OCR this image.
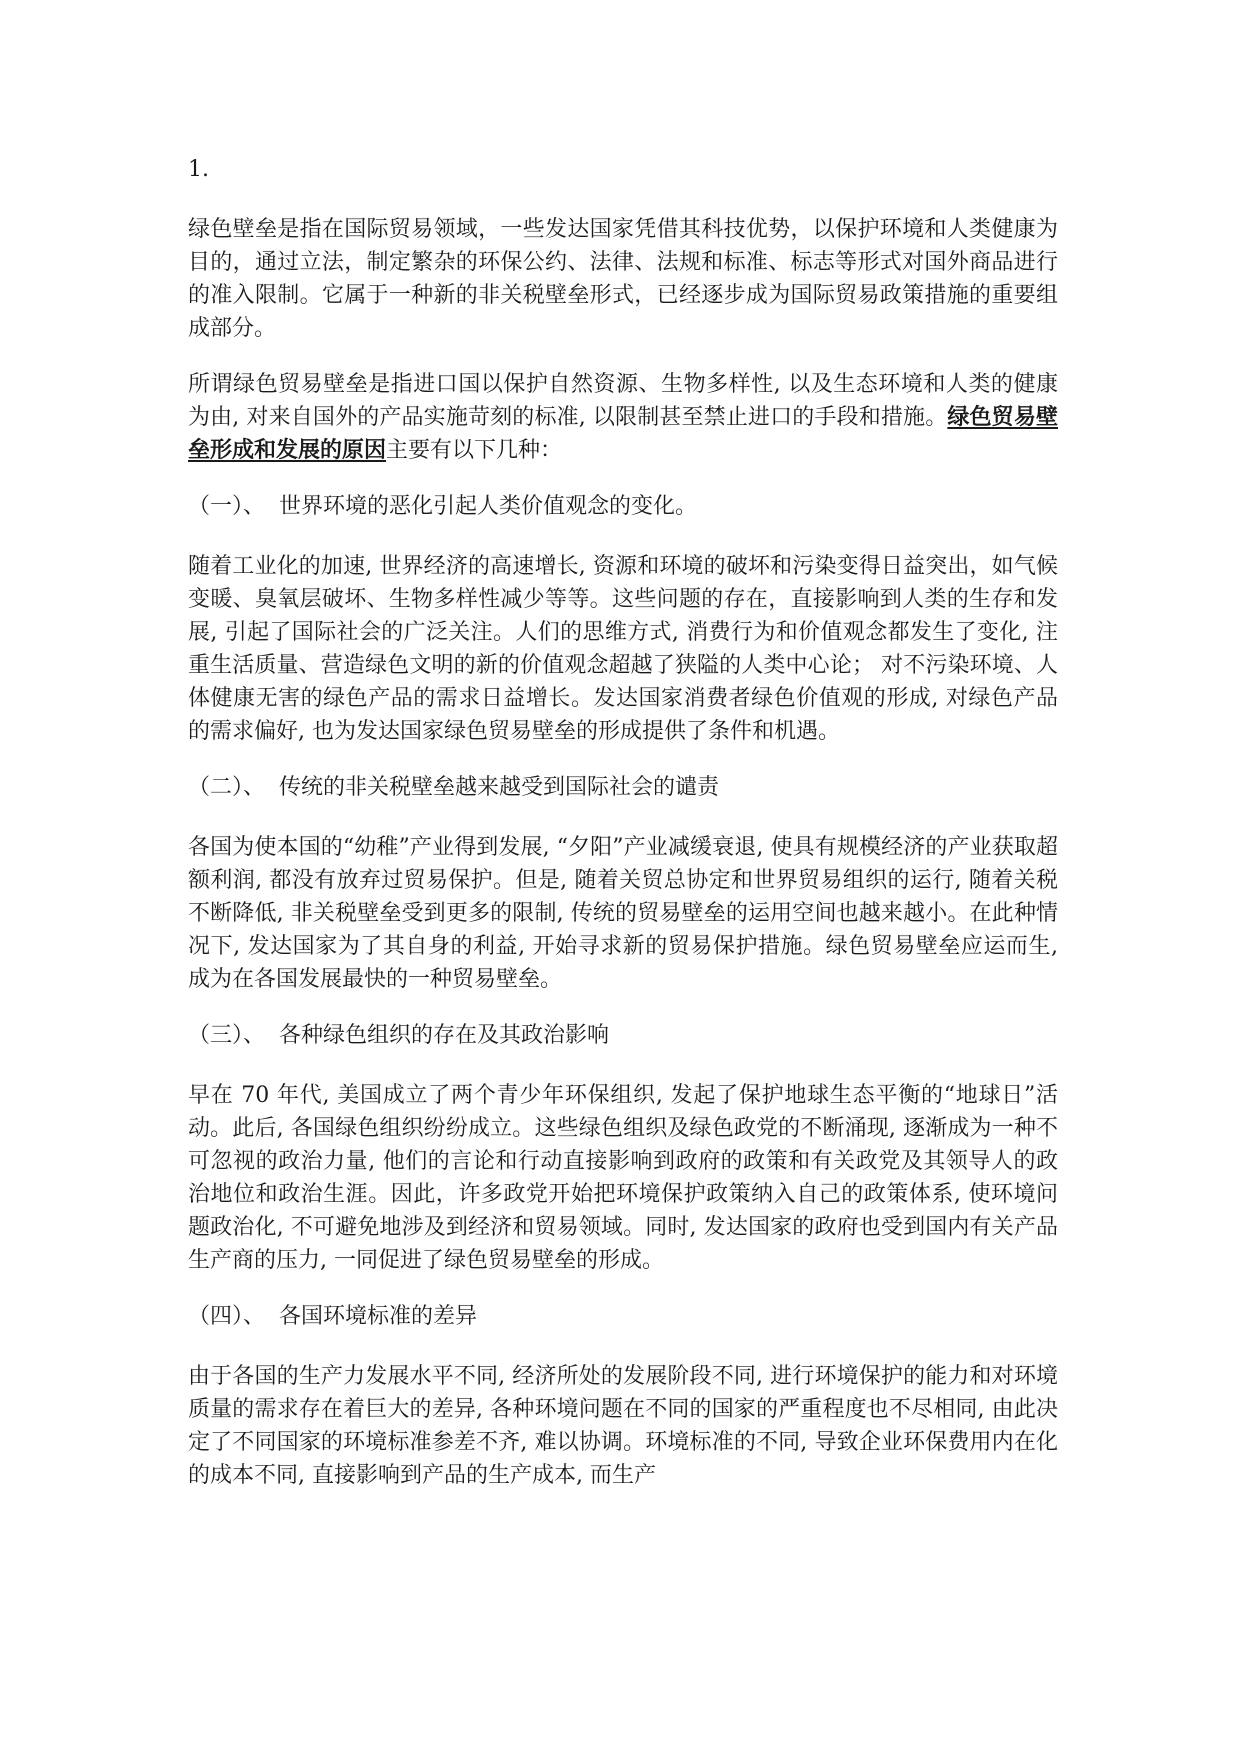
1.

绿色壁垒是指在国际贸易领域，一些发达国家凭借其科技优势，以保护环境和人类健康为目的，通过立法，制定繁杂的环保公约、法律、法规和标准、标志等形式对国外商品进行的准入限制。它属于一种新的非关税壁垒形式，已经逐步成为国际贸易政策措施的重要组成部分。

所谓绿色贸易壁垒是指进口国以保护自然资源、生物多样性, 以及生态环境和人类的健康为由, 对来自国外的产品实施苛刻的标准, 以限制甚至禁止进口的手段和措施。绿色贸易壁垒形成和发展的原因主要有以下几种：

（一）、  世界环境的恶化引起人类价值观念的变化。

随着工业化的加速, 世界经济的高速增长, 资源和环境的破坏和污染变得日益突出，如气候变暖、臭氧层破坏、生物多样性减少等等。这些问题的存在，直接影响到人类的生存和发展, 引起了国际社会的广泛关注。人们的思维方式, 消费行为和价值观念都发生了变化, 注重生活质量、营造绿色文明的新的价值观念超越了狭隘的人类中心论； 对不污染环境、人体健康无害的绿色产品的需求日益增长。发达国家消费者绿色价值观的形成, 对绿色产品的需求偏好, 也为发达国家绿色贸易壁垒的形成提供了条件和机遇。

（二）、  传统的非关税壁垒越来越受到国际社会的谴责

各国为使本国的“幼稚”产业得到发展, “夕阳”产业减缓衰退, 使具有规模经济的产业获取超额利润, 都没有放弃过贸易保护。但是, 随着关贸总协定和世界贸易组织的运行, 随着关税不断降低, 非关税壁垒受到更多的限制, 传统的贸易壁垒的运用空间也越来越小。在此种情况下, 发达国家为了其自身的利益, 开始寻求新的贸易保护措施。绿色贸易壁垒应运而生, 成为在各国发展最快的一种贸易壁垒。

（三）、  各种绿色组织的存在及其政治影响

早在 70 年代, 美国成立了两个青少年环保组织, 发起了保护地球生态平衡的“地球日”活动。此后, 各国绿色组织纷纷成立。这些绿色组织及绿色政党的不断涌现, 逐渐成为一种不可忽视的政治力量, 他们的言论和行动直接影响到政府的政策和有关政党及其领导人的政治地位和政治生涯。因此，许多政党开始把环境保护政策纳入自己的政策体系, 使环境问题政治化, 不可避免地涉及到经济和贸易领域。同时, 发达国家的政府也受到国内有关产品生产商的压力, 一同促进了绿色贸易壁垒的形成。

（四）、  各国环境标准的差异

由于各国的生产力发展水平不同, 经济所处的发展阶段不同, 进行环境保护的能力和对环境质量的需求存在着巨大的差异, 各种环境问题在不同的国家的严重程度也不尽相同, 由此决定了不同国家的环境标准参差不齐, 难以协调。环境标准的不同, 导致企业环保费用内在化的成本不同, 直接影响到产品的生产成本, 而生产
